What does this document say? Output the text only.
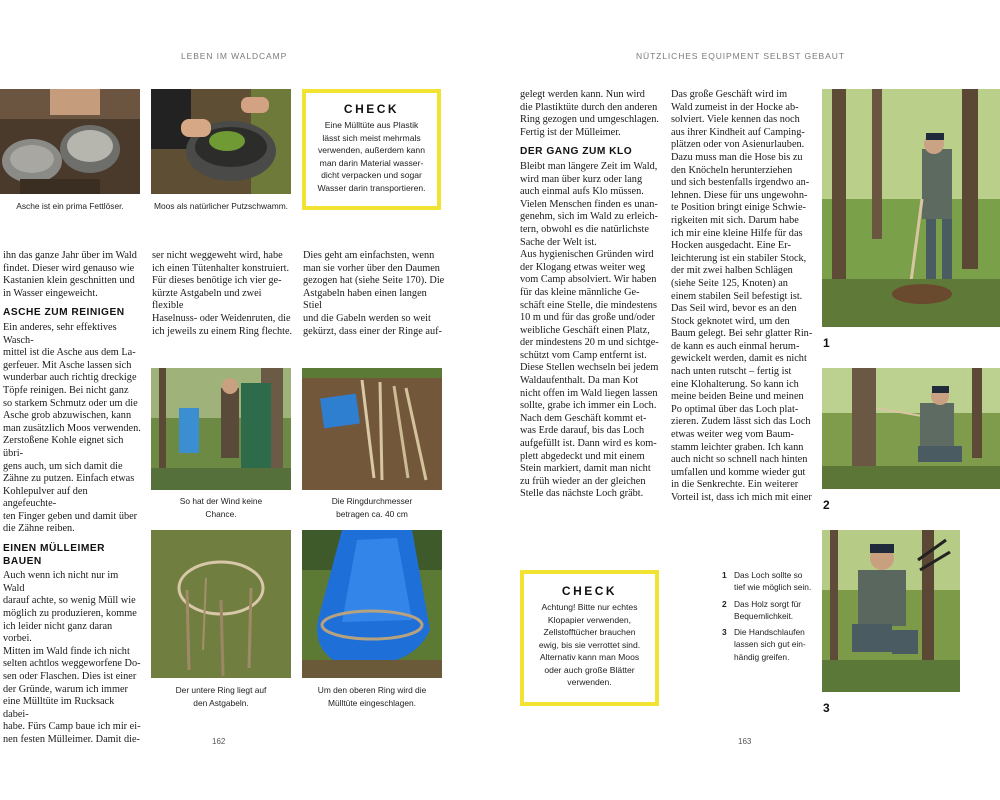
LEBEN IM WALDCAMP	NÜTZLICHES EQUIPMENT SELBST GEBAUT
Asche ist ein prima Fettlöser.	Moos als natürlicher Putzschwamm.
CHECK
Eine Mülltüte aus Plastik
lässt sich meist mehrmals
verwenden, außerdem kann
man darin Material wasser-
dicht verpacken und sogar
Wasser darin transportieren.

ihn das ganze Jahr über im Wald
findet. Dieser wird genauso wie
Kastanien klein geschnitten und
in Wasser eingeweicht.

ASCHE ZUM REINIGEN

Ein anderes, sehr effektives Wasch-
mittel ist die Asche aus dem La-
gerfeuer. Mit Asche lassen sich
wunderbar auch richtig dreckige
Töpfe reinigen. Bei nicht ganz
so starkem Schmutz oder um die
Asche grob abzuwischen, kann
man zusätzlich Moos verwenden.
Zerstoßene Kohle eignet sich übri-
gens auch, um sich damit die
Zähne zu putzen. Einfach etwas
Kohlepulver auf den angefeuchte-
ten Finger geben und damit über
die Zähne reiben.

EINEN MÜLLEIMER
BAUEN

Auch wenn ich nicht nur im Wald
darauf achte, so wenig Müll wie
möglich zu produzieren, komme
ich leider nicht ganz daran vorbei.
Mitten im Wald finde ich nicht
selten achtlos weggeworfene Do-
sen oder Flaschen. Dies ist einer
der Gründe, warum ich immer
eine Mülltüte im Rucksack dabei-
habe. Fürs Camp baue ich mir ei-
nen festen Mülleimer. Damit die-

ser nicht weggeweht wird, habe
ich einen Tütenhalter konstruiert.
Für dieses benötige ich vier ge-
kürzte Astgabeln und zwei flexible
Haselnuss- oder Weidenruten, die
ich jeweils zu einem Ring flechte.

Dies geht am einfachsten, wenn
man sie vorher über den Daumen
gezogen hat (siehe Seite 170). Die
Astgabeln haben einen langen Stiel
und die Gabeln werden so weit
gekürzt, dass einer der Ringe auf-

So hat der Wind keine
Chance.
Die Ringdurchmesser
betragen ca. 40 cm
Der untere Ring liegt auf
den Astgabeln.
Um den oberen Ring wird die
Mülltüte eingeschlagen.
162

gelegt werden kann. Nun wird
die Plastiktüte durch den anderen
Ring gezogen und umgeschlagen.
Fertig ist der Mülleimer.

DER GANG ZUM KLO

Bleibt man längere Zeit im Wald,
wird man über kurz oder lang
auch einmal aufs Klo müssen.
Vielen Menschen finden es unan-
genehm, sich im Wald zu erleich-
tern, obwohl es die natürlichste
Sache der Welt ist.
Aus hygienischen Gründen wird
der Klogang etwas weiter weg
vom Camp absolviert. Wir haben
für das kleine männliche Ge-
schäft eine Stelle, die mindestens
10 m und für das große und/oder
weibliche Geschäft einen Platz,
der mindestens 20 m und sichtge-
schützt vom Camp entfernt ist.
Diese Stellen wechseln bei jedem
Waldaufenthalt. Da man Kot
nicht offen im Wald liegen lassen
sollte, grabe ich immer ein Loch.
Nach dem Geschäft kommt et-
was Erde darauf, bis das Loch
aufgefüllt ist. Dann wird es kom-
plett abgedeckt und mit einem
Stein markiert, damit man nicht
zu früh wieder an der gleichen
Stelle das nächste Loch gräbt.

CHECK
Achtung! Bitte nur echtes
Klopapier verwenden,
Zellstofftücher brauchen
ewig, bis sie verrottet sind.
Alternativ kann man Moos
oder auch große Blätter
verwenden.

Das große Geschäft wird im
Wald zumeist in der Hocke ab-
solviert. Viele kennen das noch
aus ihrer Kindheit auf Camping-
plätzen oder von Asienurlauben.
Dazu muss man die Hose bis zu
den Knöcheln herunterziehen
und sich bestenfalls irgendwo an-
lehnen. Diese für uns ungewohn-
te Position bringt einige Schwie-
rigkeiten mit sich. Darum habe
ich mir eine kleine Hilfe für das
Hocken ausgedacht. Eine Er-
leichterung ist ein stabiler Stock,
der mit zwei halben Schlägen
(siehe Seite 125, Knoten) an
einem stabilen Seil befestigt ist.
Das Seil wird, bevor es an den
Stock geknotet wird, um den
Baum gelegt. Bei sehr glatter Rin-
de kann es auch einmal herum-
gewickelt werden, damit es nicht
nach unten rutscht – fertig ist
eine Klohalterung. So kann ich
meine beiden Beine und meinen
Po optimal über das Loch plat-
zieren. Zudem lässt sich das Loch
etwas weiter weg vom Baum-
stamm leichter graben. Ich kann
auch nicht so schnell nach hinten
umfallen und komme wieder gut
in die Senkrechte. Ein weiterer
Vorteil ist, dass ich mich mit einer

1
2
3
1 Das Loch sollte so
tief wie möglich sein.
2 Das Holz sorgt für
Bequemlichkeit.
3 Die Handschlaufen
lassen sich gut ein-
händig greifen.
163
